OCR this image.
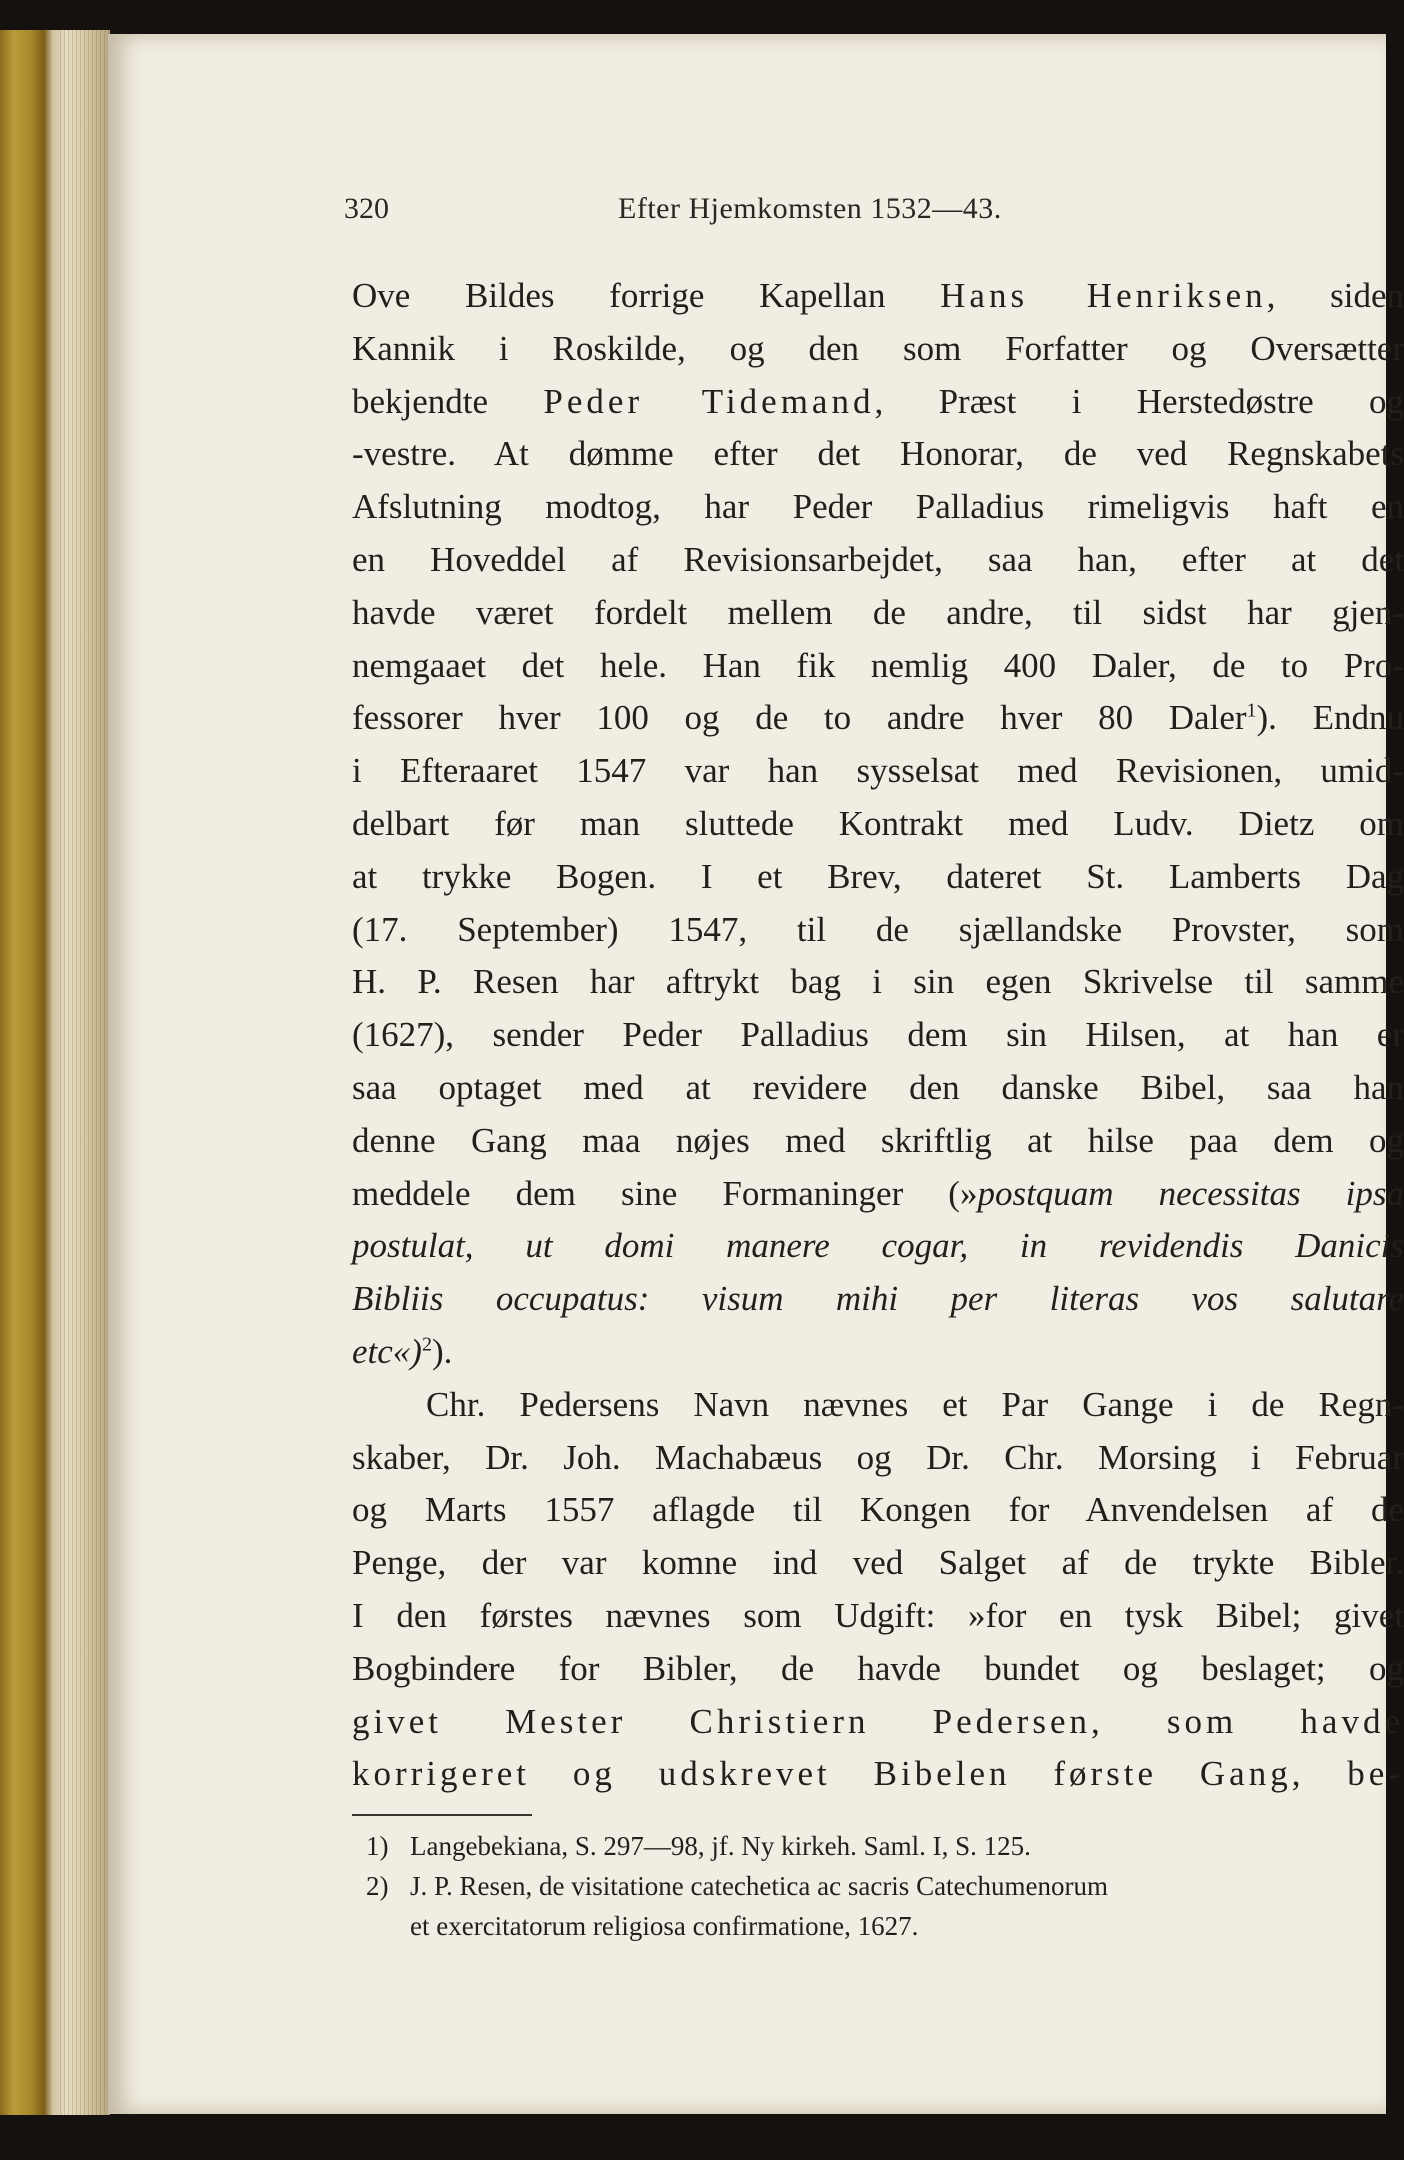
320	Efter Hjemkomsten 1532—43.
Ove Bildes forrige Kapellan Hans Henriksen, siden
Kannik i Roskilde, og den som Forfatter og Oversætter
bekjendte Peder Tidemand, Præst i Herstedøstre og
-vestre. At dømme efter det Honorar, de ved Regnskabets
Afslutning modtog, har Peder Palladius rimeligvis haft en
en Hoveddel af Revisionsarbejdet, saa han, efter at det
havde været fordelt mellem de andre, til sidst har gjen-
nemgaaet det hele. Han fik nemlig 400 Daler, de to Pro-
fessorer hver 100 og de to andre hver 80 Daler$^1$). Endnu
i Efteraaret 1547 var han sysselsat med Revisionen, umid-
delbart før man sluttede Kontrakt med Ludv. Dietz om
at trykke Bogen. I et Brev, dateret St. Lamberts Dag
(17. September) 1547, til de sjællandske Provster, som
H. P. Resen har aftrykt bag i sin egen Skrivelse til samme
(1627), sender Peder Palladius dem sin Hilsen, at han er
saa optaget med at revidere den danske Bibel, saa han
denne Gang maa nøjes med skriftlig at hilse paa dem og
meddele dem sine Formaninger (»postquam necessitas ipsa
postulat, ut domi manere cogar, in revidendis Danicis
Bibliis occupatus: visum mihi per literas vos salutare
etc«)$^2$).
Chr. Pedersens Navn nævnes et Par Gange i de Regn-
skaber, Dr. Joh. Machabæus og Dr. Chr. Morsing i Februar
og Marts 1557 aflagde til Kongen for Anvendelsen af de
Penge, der var komne ind ved Salget af de trykte Bibler.
I den førstes nævnes som Udgift: »for en tysk Bibel; givet
Bogbindere for Bibler, de havde bundet og beslaget; og
givet Mester Christiern Pedersen, som havde
korrigeret og udskrevet Bibelen første Gang, be-
1) Langebekiana, S. 297—98, jf. Ny kirkeh. Saml. I, S. 125.
2) J. P. Resen, de visitatione catechetica ac sacris Catechumenorum
et exercitatorum religiosa confirmatione, 1627.
